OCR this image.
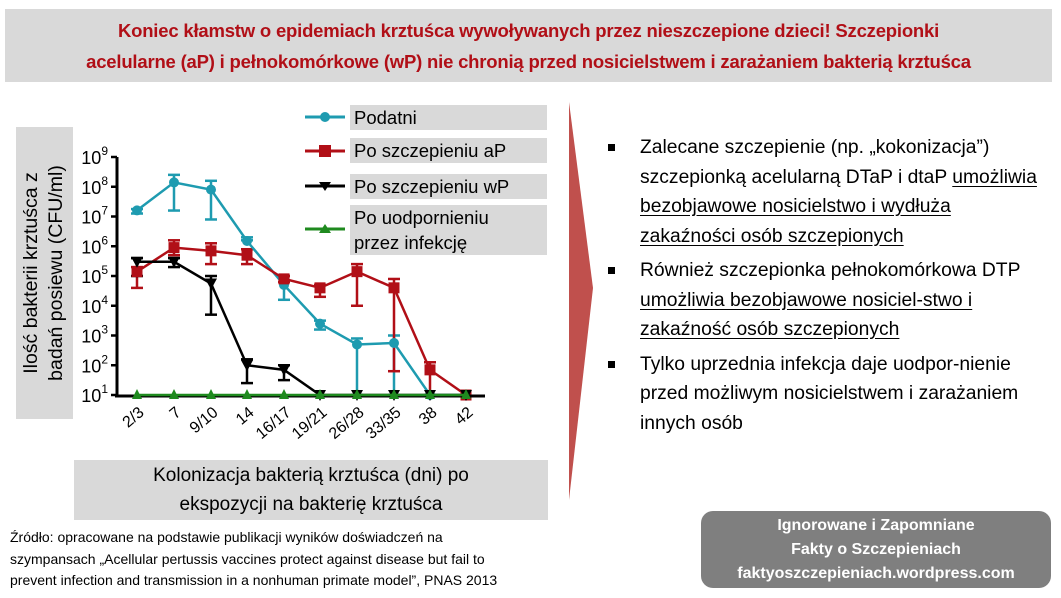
Koniec kłamstw o epidemiach krztuśca wywoływanych przez nieszczepione dzieci! Szczepionki
acelularne (aP) i pełnokomórkowe (wP) nie chronią przed nosicielstwem i zarażaniem bakterią krztuśca
Ilość bakterii krztuśca z badań posiewu (CFU/ml)
$10^9$
$10^8$
$10^7$
$10^6$
$10^5$
$10^4$
$10^3$
$10^2$
$10^1$
2/3 7 9/10 14
16/17
19/21
26/28
33/35 38 42
Podatni
Po szczepieniu aP
Po szczepieniu wP
Po uodpornieniu
przez infekcję
Kolonizacja bakterią krztuśca (dni) po
ekspozycji na bakterię krztuśca
Zalecane szczepienie (np. „kokonizacja”) szczepionką acelularną DTaP i dtaP umożliwia bezobjawowe nosicielstwo i wydłuża zakaźności osób szczepionych
Również szczepionka pełnokomórkowa DTP umożliwia bezobjawowe nosiciel-stwo i zakaźność osób szczepionych
Tylko uprzednia infekcja daje uodpor-nienie przed możliwym nosicielstwem i zarażaniem innych osób
Źródło: opracowane na podstawie publikacji wyników doświadczeń na
szympansach „Acellular pertussis vaccines protect against disease but fail to
prevent infection and transmission in a nonhuman primate model”, PNAS 2013
Ignorowane i Zapomniane
Fakty o Szczepieniach
faktyoszczepieniach.wordpress.com
